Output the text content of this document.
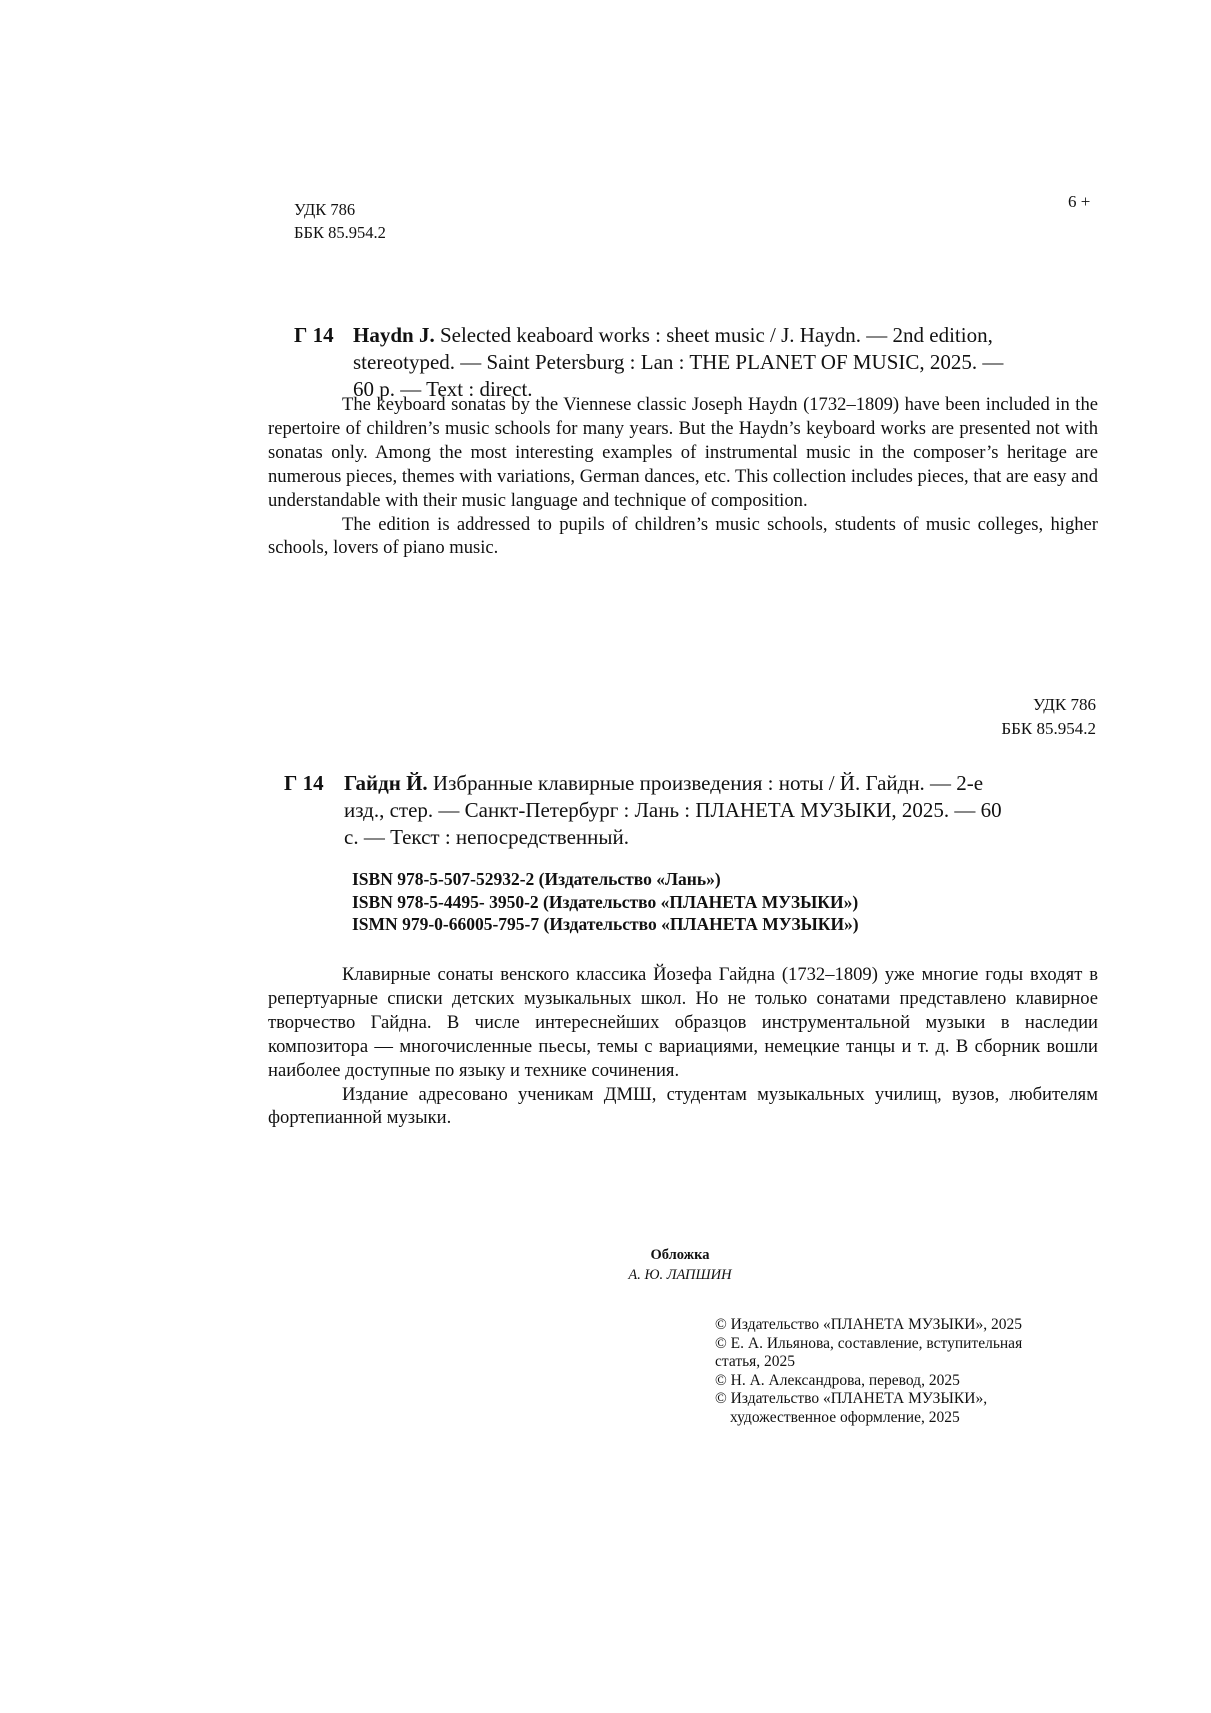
УДК 786
ББК 85.954.2
6 +
Г 14 Haydn J. Selected keaboard works : sheet music / J. Haydn. — 2nd edition,
stereotyped. — Saint Petersburg : Lan : THE PLANET OF MUSIC, 2025. —
60 p. — Text : direct.

The keyboard sonatas by the Viennese classic Joseph Haydn (1732–1809) have been included in the repertoire of children’s music schools for many years. But the Haydn’s keyboard works are presented not with sonatas only. Among the most interesting examples of instrumental music in the composer’s heritage are numerous pieces, themes with variations, German dances, etc. This collection includes pieces, that are easy and understandable with their music language and technique of composition.

The edition is addressed to pupils of children’s music schools, students of music colleges, higher schools, lovers of piano music.

УДК 786
ББК 85.954.2
Г 14 Гайдн Й. Избранные клавирные произведения : ноты / Й. Гайдн. — 2-е
изд., стер. — Санкт-Петербург : Лань : ПЛАНЕТА МУЗЫКИ, 2025. — 60
с. — Текст : непосредственный.
ISBN 978-5-507-52932-2 (Издательство «Лань»)
ISBN 978-5-4495- 3950-2 (Издательство «ПЛАНЕТА МУЗЫКИ»)
ISMN 979-0-66005-795-7 (Издательство «ПЛАНЕТА МУЗЫКИ»)

Клавирные сонаты венского классика Йозефа Гайдна (1732–1809) уже многие годы входят в репертуарные списки детских музыкальных школ. Но не только сонатами представлено клавирное творчество Гайдна. В числе интереснейших образцов инструментальной музыки в наследии композитора — многочисленные пьесы, темы с вариациями, немецкие танцы и т. д. В сборник вошли наиболее доступные по языку и технике сочинения.

Издание адресовано ученикам ДМШ, студентам музыкальных училищ, вузов, любителям фортепианной музыки.

Обложка
А. Ю. ЛАПШИН
© Издательство «ПЛАНЕТА МУЗЫКИ», 2025
© Е. А. Ильянова, составление, вступительная
статья, 2025
© Н. А. Александрова, перевод, 2025
© Издательство «ПЛАНЕТА МУЗЫКИ»,
художественное оформление, 2025
